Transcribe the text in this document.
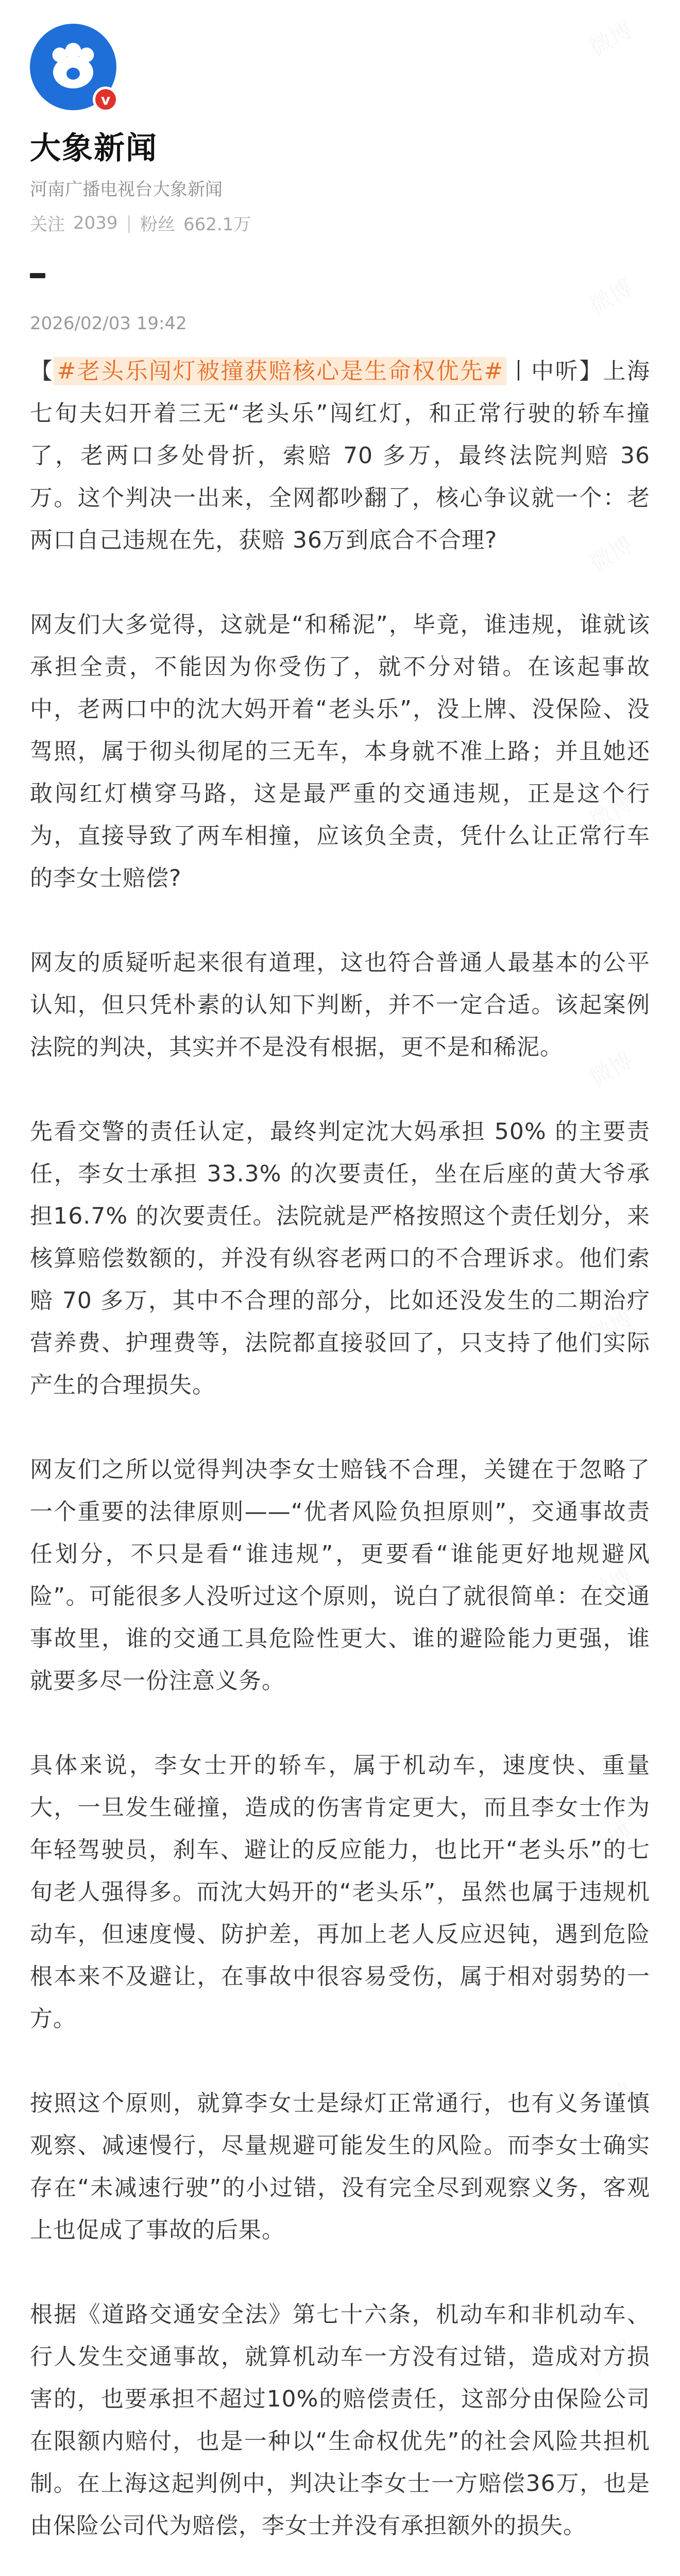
v
大象新闻
河南广播电视台大象新闻
关注 2039 | 粉丝 662.1万
2026/02/03 19:42

【 #老头乐闯灯被撞获赔核心是生命权优先# 丨中听】上海七旬夫妇开着三无“老头乐”闯红灯，和正常行驶的轿车撞了，老两口多处骨折，索赔 70 多万，最终法院判赔 36 万。这个判决一出来，全网都吵翻了，核心争议就一个：老两口自己违规在先，获赔 36万到底合不合理?

网友们大多觉得，这就是“和稀泥”，毕竟，谁违规，谁就该承担全责，不能因为你受伤了，就不分对错。在该起事故中，老两口中的沈大妈开着“老头乐”，没上牌、没保险、没驾照，属于彻头彻尾的三无车，本身就不准上路；并且她还敢闯红灯横穿马路，这是最严重的交通违规，正是这个行为，直接导致了两车相撞，应该负全责，凭什么让正常行车的李女士赔偿?

网友的质疑听起来很有道理，这也符合普通人最基本的公平认知，但只凭朴素的认知下判断，并不一定合适。该起案例法院的判决，其实并不是没有根据，更不是和稀泥。

先看交警的责任认定，最终判定沈大妈承担 50% 的主要责任，李女士承担 33.3% 的次要责任，坐在后座的黄大爷承担16.7% 的次要责任。法院就是严格按照这个责任划分，来核算赔偿数额的，并没有纵容老两口的不合理诉求。他们索赔 70 多万，其中不合理的部分，比如还没发生的二期治疗营养费、护理费等，法院都直接驳回了，只支持了他们实际产生的合理损失。

网友们之所以觉得判决李女士赔钱不合理，关键在于忽略了一个重要的法律原则——“优者风险负担原则”，交通事故责任划分，不只是看“谁违规”，更要看“谁能更好地规避风险”。可能很多人没听过这个原则，说白了就很简单：在交通事故里，谁的交通工具危险性更大、谁的避险能力更强，谁就要多尽一份注意义务。

具体来说，李女士开的轿车，属于机动车，速度快、重量大，一旦发生碰撞，造成的伤害肯定更大，而且李女士作为年轻驾驶员，刹车、避让的反应能力，也比开“老头乐”的七旬老人强得多。而沈大妈开的“老头乐”，虽然也属于违规机动车，但速度慢、防护差，再加上老人反应迟钝，遇到危险根本来不及避让，在事故中很容易受伤，属于相对弱势的一方。

按照这个原则，就算李女士是绿灯正常通行，也有义务谨慎观察、减速慢行，尽量规避可能发生的风险。而李女士确实存在“未减速行驶”的小过错，没有完全尽到观察义务，客观上也促成了事故的后果。

根据《道路交通安全法》第七十六条，机动车和非机动车、行人发生交通事故，就算机动车一方没有过错，造成对方损害的，也要承担不超过10%的赔偿责任，这部分由保险公司在限额内赔付，也是一种以“生命权优先”的社会风险共担机制。在上海这起判例中，判决让李女士一方赔偿36万，也是由保险公司代为赔偿，李女士并没有承担额外的损失。
